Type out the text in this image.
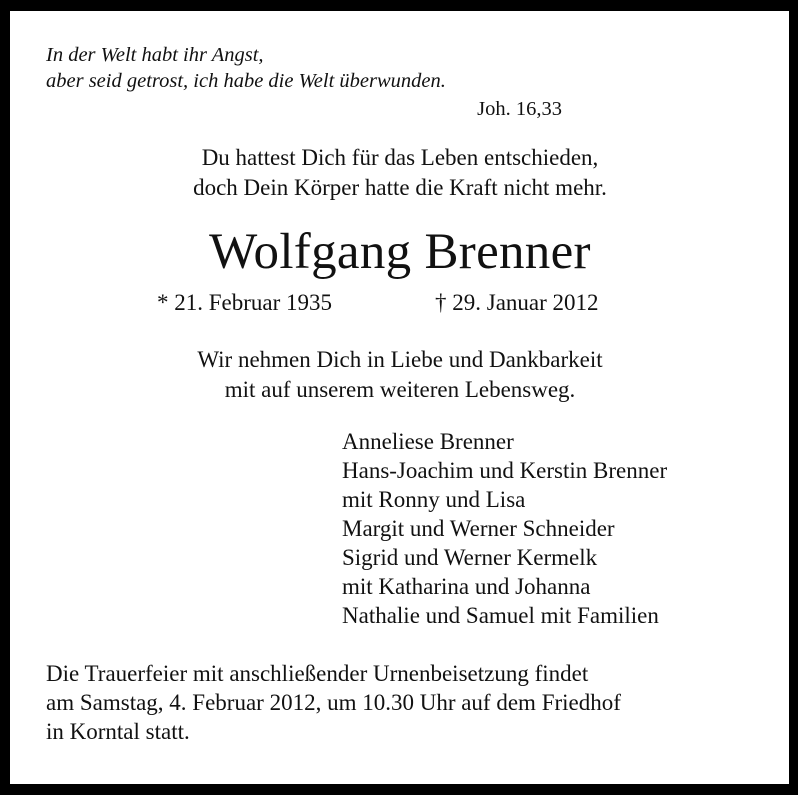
In der Welt habt ihr Angst,
aber seid getrost, ich habe die Welt überwunden.
Joh. 16,33
Du hattest Dich für das Leben entschieden,
doch Dein Körper hatte die Kraft nicht mehr.
Wolfgang Brenner
* 21. Februar 1935	† 29. Januar 2012
Wir nehmen Dich in Liebe und Dankbarkeit
mit auf unserem weiteren Lebensweg.
Anneliese Brenner
Hans-Joachim und Kerstin Brenner
mit Ronny und Lisa
Margit und Werner Schneider
Sigrid und Werner Kermelk
mit Katharina und Johanna
Nathalie und Samuel mit Familien
Die Trauerfeier mit anschließender Urnenbeisetzung findet
am Samstag, 4. Februar 2012, um 10.30 Uhr auf dem Friedhof
in Korntal statt.
